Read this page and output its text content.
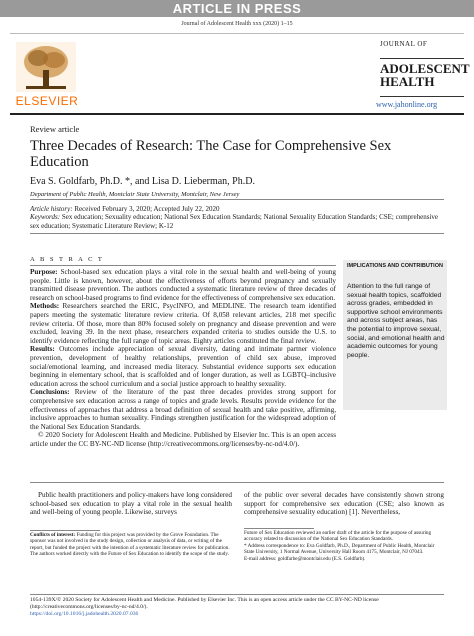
ARTICLE IN PRESS
Journal of Adolescent Health xxx (2020) 1–15
ELSEVIER
JOURNAL OF
ADOLESCENT
HEALTH
www.jahonline.org
Review article
Three Decades of Research: The Case for Comprehensive Sex Education
Eva S. Goldfarb, Ph.D. *, and Lisa D. Lieberman, Ph.D.
Department of Public Health, Montclair State University, Montclair, New Jersey
Article history: Received February 3, 2020; Accepted July 22, 2020
Keywords: Sex education; Sexuality education; National Sex Education Standards; National Sexuality Education Standards; CSE; comprehensive sex education; Systematic Literature Review; K-12
A B S T R A C T
Purpose: School-based sex education plays a vital role in the sexual health and well-being of young people. Little is known, however, about the effectiveness of efforts beyond pregnancy and sexually transmitted disease prevention. The authors conducted a systematic literature review of three decades of research on school-based programs to find evidence for the effectiveness of comprehensive sex education.
Methods: Researchers searched the ERIC, PsycINFO, and MEDLINE. The research team identified papers meeting the systematic literature review criteria. Of 8,058 relevant articles, 218 met specific review criteria. Of those, more than 80% focused solely on pregnancy and disease prevention and were excluded, leaving 39. In the next phase, researchers expanded criteria to studies outside the U.S. to identify evidence reflecting the full range of topic areas. Eighty articles constituted the final review.
Results: Outcomes include appreciation of sexual diversity, dating and intimate partner violence prevention, development of healthy relationships, prevention of child sex abuse, improved social/emotional learning, and increased media literacy. Substantial evidence supports sex education beginning in elementary school, that is scaffolded and of longer duration, as well as LGBTQ–inclusive education across the school curriculum and a social justice approach to healthy sexuality.
Conclusions: Review of the literature of the past three decades provides strong support for comprehensive sex education across a range of topics and grade levels. Results provide evidence for the effectiveness of approaches that address a broad definition of sexual health and take positive, affirming, inclusive approaches to human sexuality. Findings strengthen justification for the widespread adoption of the National Sex Education Standards.
© 2020 Society for Adolescent Health and Medicine. Published by Elsevier Inc. This is an open access article under the CC BY-NC-ND license (http://creativecommons.org/licenses/by-nc-nd/4.0/).
IMPLICATIONS AND CONTRIBUTION
Attention to the full range of sexual health topics, scaffolded across grades, embedded in supportive school environments and across subject areas, has the potential to improve sexual, social, and emotional health and academic outcomes for young people.
Public health practitioners and policy-makers have long considered school-based sex education to play a vital role in the sexual health and well-being of young people. Likewise, surveys
of the public over several decades have consistently shown strong support for comprehensive sex education (CSE; also known as comprehensive sexuality education) [1]. Nevertheless,
Conflicts of interest: Funding for this project was provided by the Grove Foundation. The sponsor was not involved in the study design, collection or analysis of data, or writing of the report, but funded the project with the intention of a systematic literature review for publication. The authors worked directly with the Future of Sex Education to identify the scope of the study.
Future of Sex Education reviewed an earlier draft of the article for the purpose of assuring accuracy related to discussion of the National Sex Education Standards.
* Address correspondence to: Eva Goldfarb, Ph.D., Department of Public Health, Montclair State University, 1 Normal Avenue, University Hall Room 4175, Montclair, NJ 07043.
E-mail address: goldfarbe@montclair.edu (E.S. Goldfarb).
1054-139X/© 2020 Society for Adolescent Health and Medicine. Published by Elsevier Inc. This is an open access article under the CC BY-NC-ND license (http://creativecommons.org/licenses/by-nc-nd/4.0/).
https://doi.org/10.1016/j.jadohealth.2020.07.036
